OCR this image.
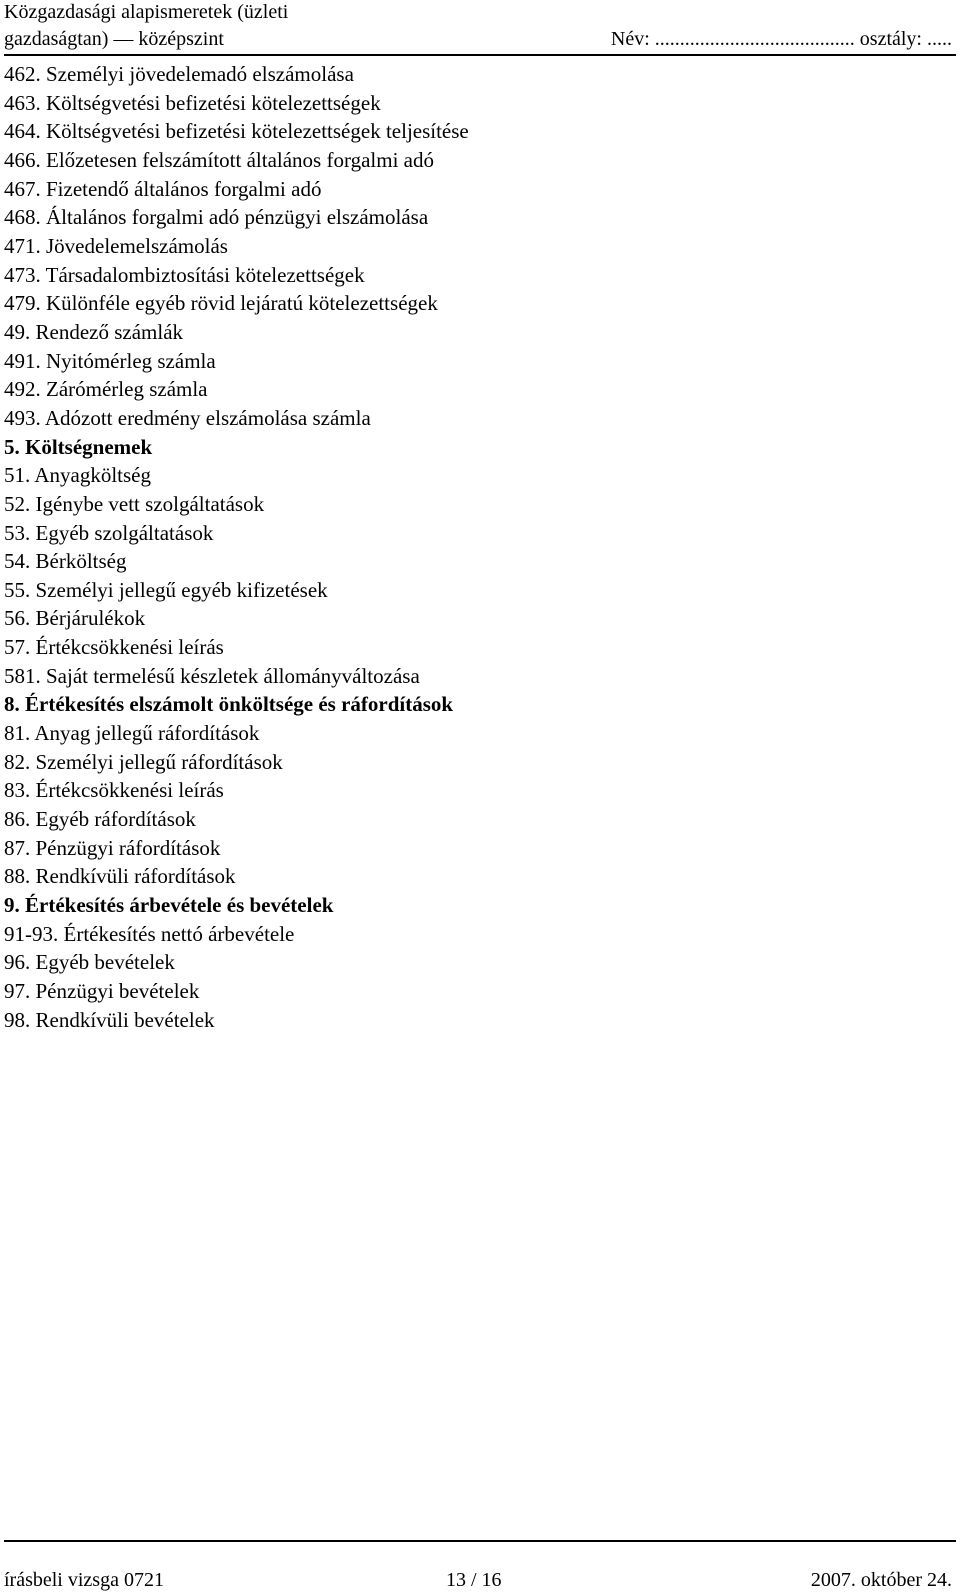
Közgazdasági alapismeretek (üzleti
gazdaságtan) — középszint	Név: ........................................ osztály: .....
462. Személyi jövedelemadó elszámolása
463. Költségvetési befizetési kötelezettségek
464. Költségvetési befizetési kötelezettségek teljesítése
466. Előzetesen felszámított általános forgalmi adó
467. Fizetendő általános forgalmi adó
468. Általános forgalmi adó pénzügyi elszámolása
471. Jövedelemelszámolás
473. Társadalombiztosítási kötelezettségek
479. Különféle egyéb rövid lejáratú kötelezettségek
49. Rendező számlák
491. Nyitómérleg számla
492. Zárómérleg számla
493. Adózott eredmény elszámolása számla
5. Költségnemek
51. Anyagköltség
52. Igénybe vett szolgáltatások
53. Egyéb szolgáltatások
54. Bérköltség
55. Személyi jellegű egyéb kifizetések
56. Bérjárulékok
57. Értékcsökkenési leírás
581. Saját termelésű készletek állományváltozása
8. Értékesítés elszámolt önköltsége és ráfordítások
81. Anyag jellegű ráfordítások
82. Személyi jellegű ráfordítások
83. Értékcsökkenési leírás
86. Egyéb ráfordítások
87. Pénzügyi ráfordítások
88. Rendkívüli ráfordítások
9. Értékesítés árbevétele és bevételek
91-93. Értékesítés nettó árbevétele
96. Egyéb bevételek
97. Pénzügyi bevételek
98. Rendkívüli bevételek
írásbeli vizsga 0721	13 / 16	2007. október 24.
